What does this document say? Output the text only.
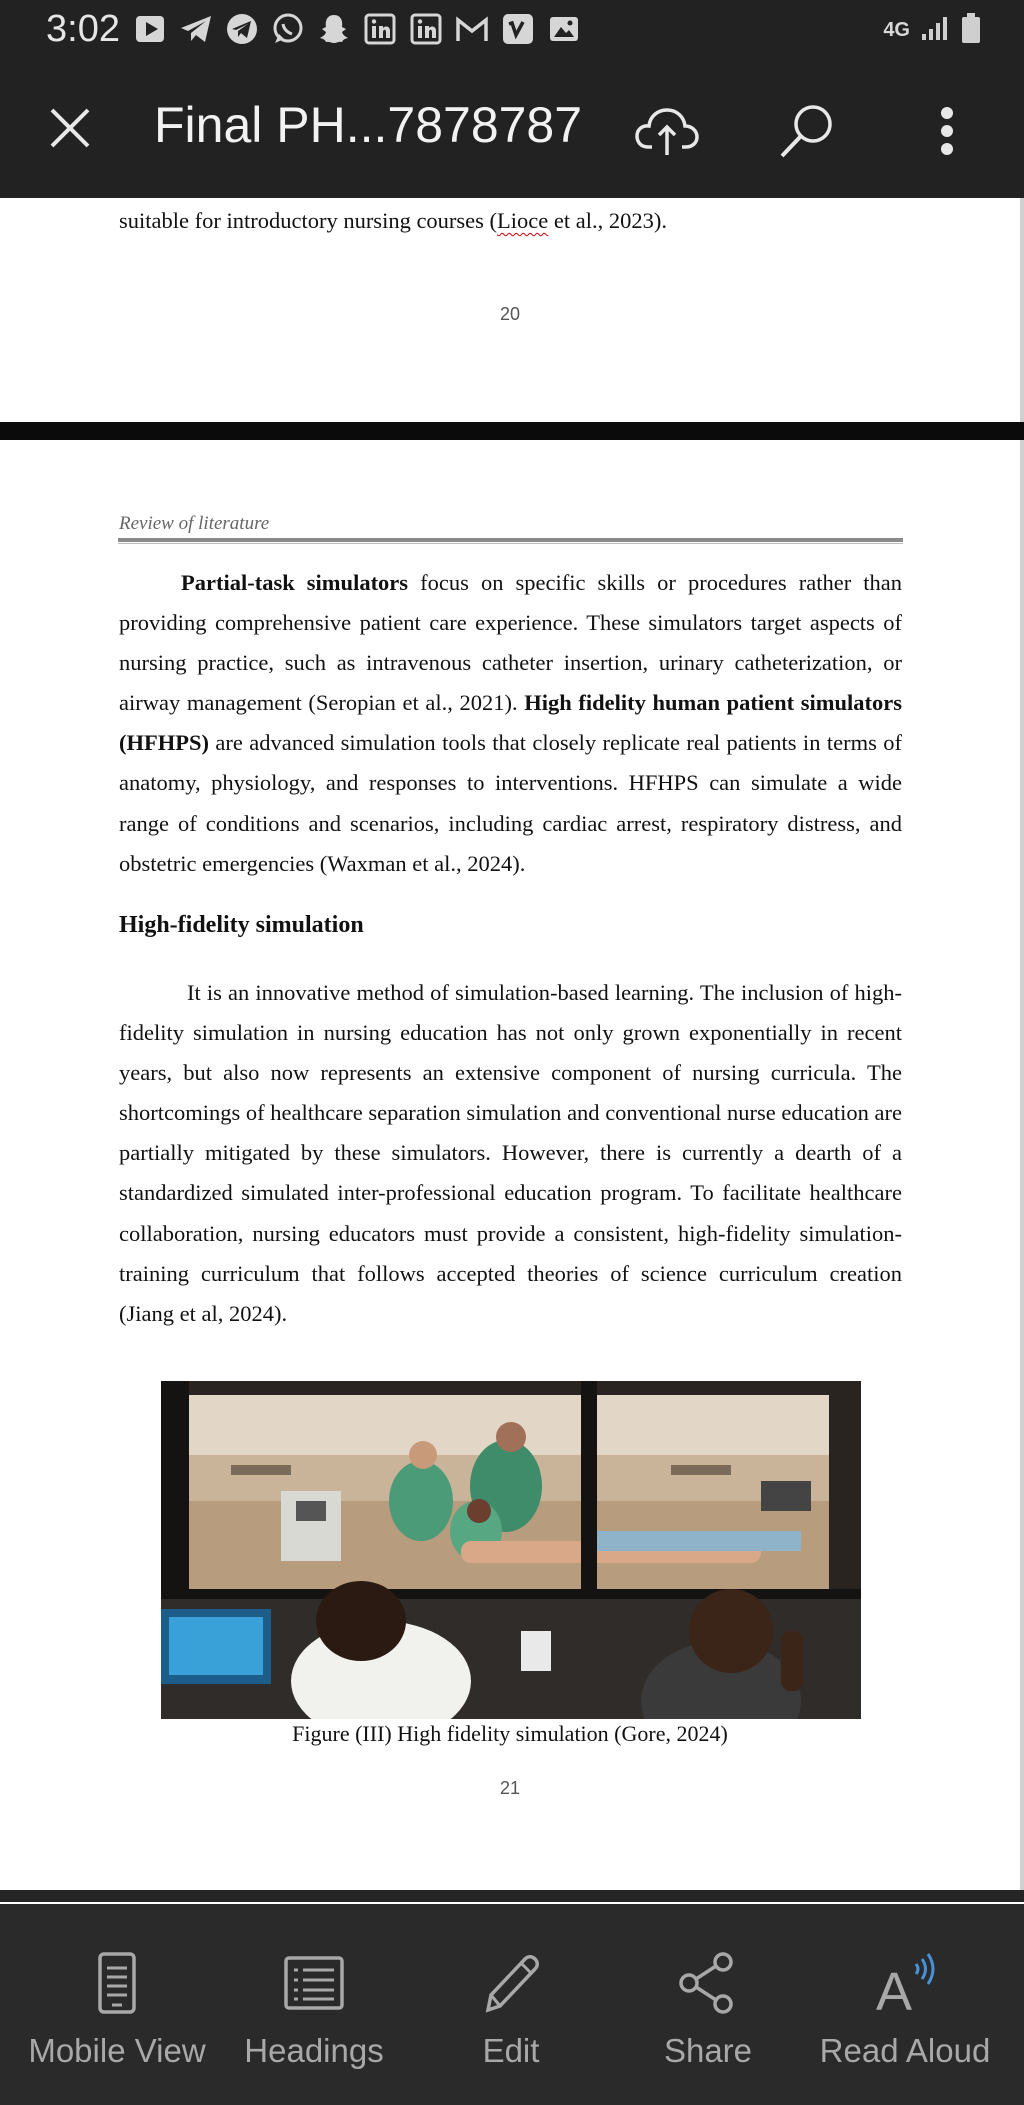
3:02	4G
Final PH...7878787
suitable for introductory nursing courses (Lioce et al., 2023).
20
Review of literature

Partial-task simulators focus on specific skills or procedures rather than providing comprehensive patient care experience. These simulators target aspects of nursing practice, such as intravenous catheter insertion, urinary catheterization, or airway management (Seropian et al., 2021). High fidelity human patient simulators (HFHPS) are advanced simulation tools that closely replicate real patients in terms of anatomy, physiology, and responses to interventions. HFHPS can simulate a wide range of conditions and scenarios, including cardiac arrest, respiratory distress, and obstetric emergencies (Waxman et al., 2024).

High-fidelity simulation

It is an innovative method of simulation-based learning. The inclusion of high-fidelity simulation in nursing education has not only grown exponentially in recent years, but also now represents an extensive component of nursing curricula. The shortcomings of healthcare separation simulation and conventional nurse education are partially mitigated by these simulators. However, there is currently a dearth of a standardized simulated inter-professional education program. To facilitate healthcare collaboration, nursing educators must provide a consistent, high-fidelity simulation-training curriculum that follows accepted theories of science curriculum creation (Jiang et al, 2024).

Figure (III) High fidelity simulation (Gore, 2024)
21
Mobile View	Headings	Edit	Share
A
Read Aloud
